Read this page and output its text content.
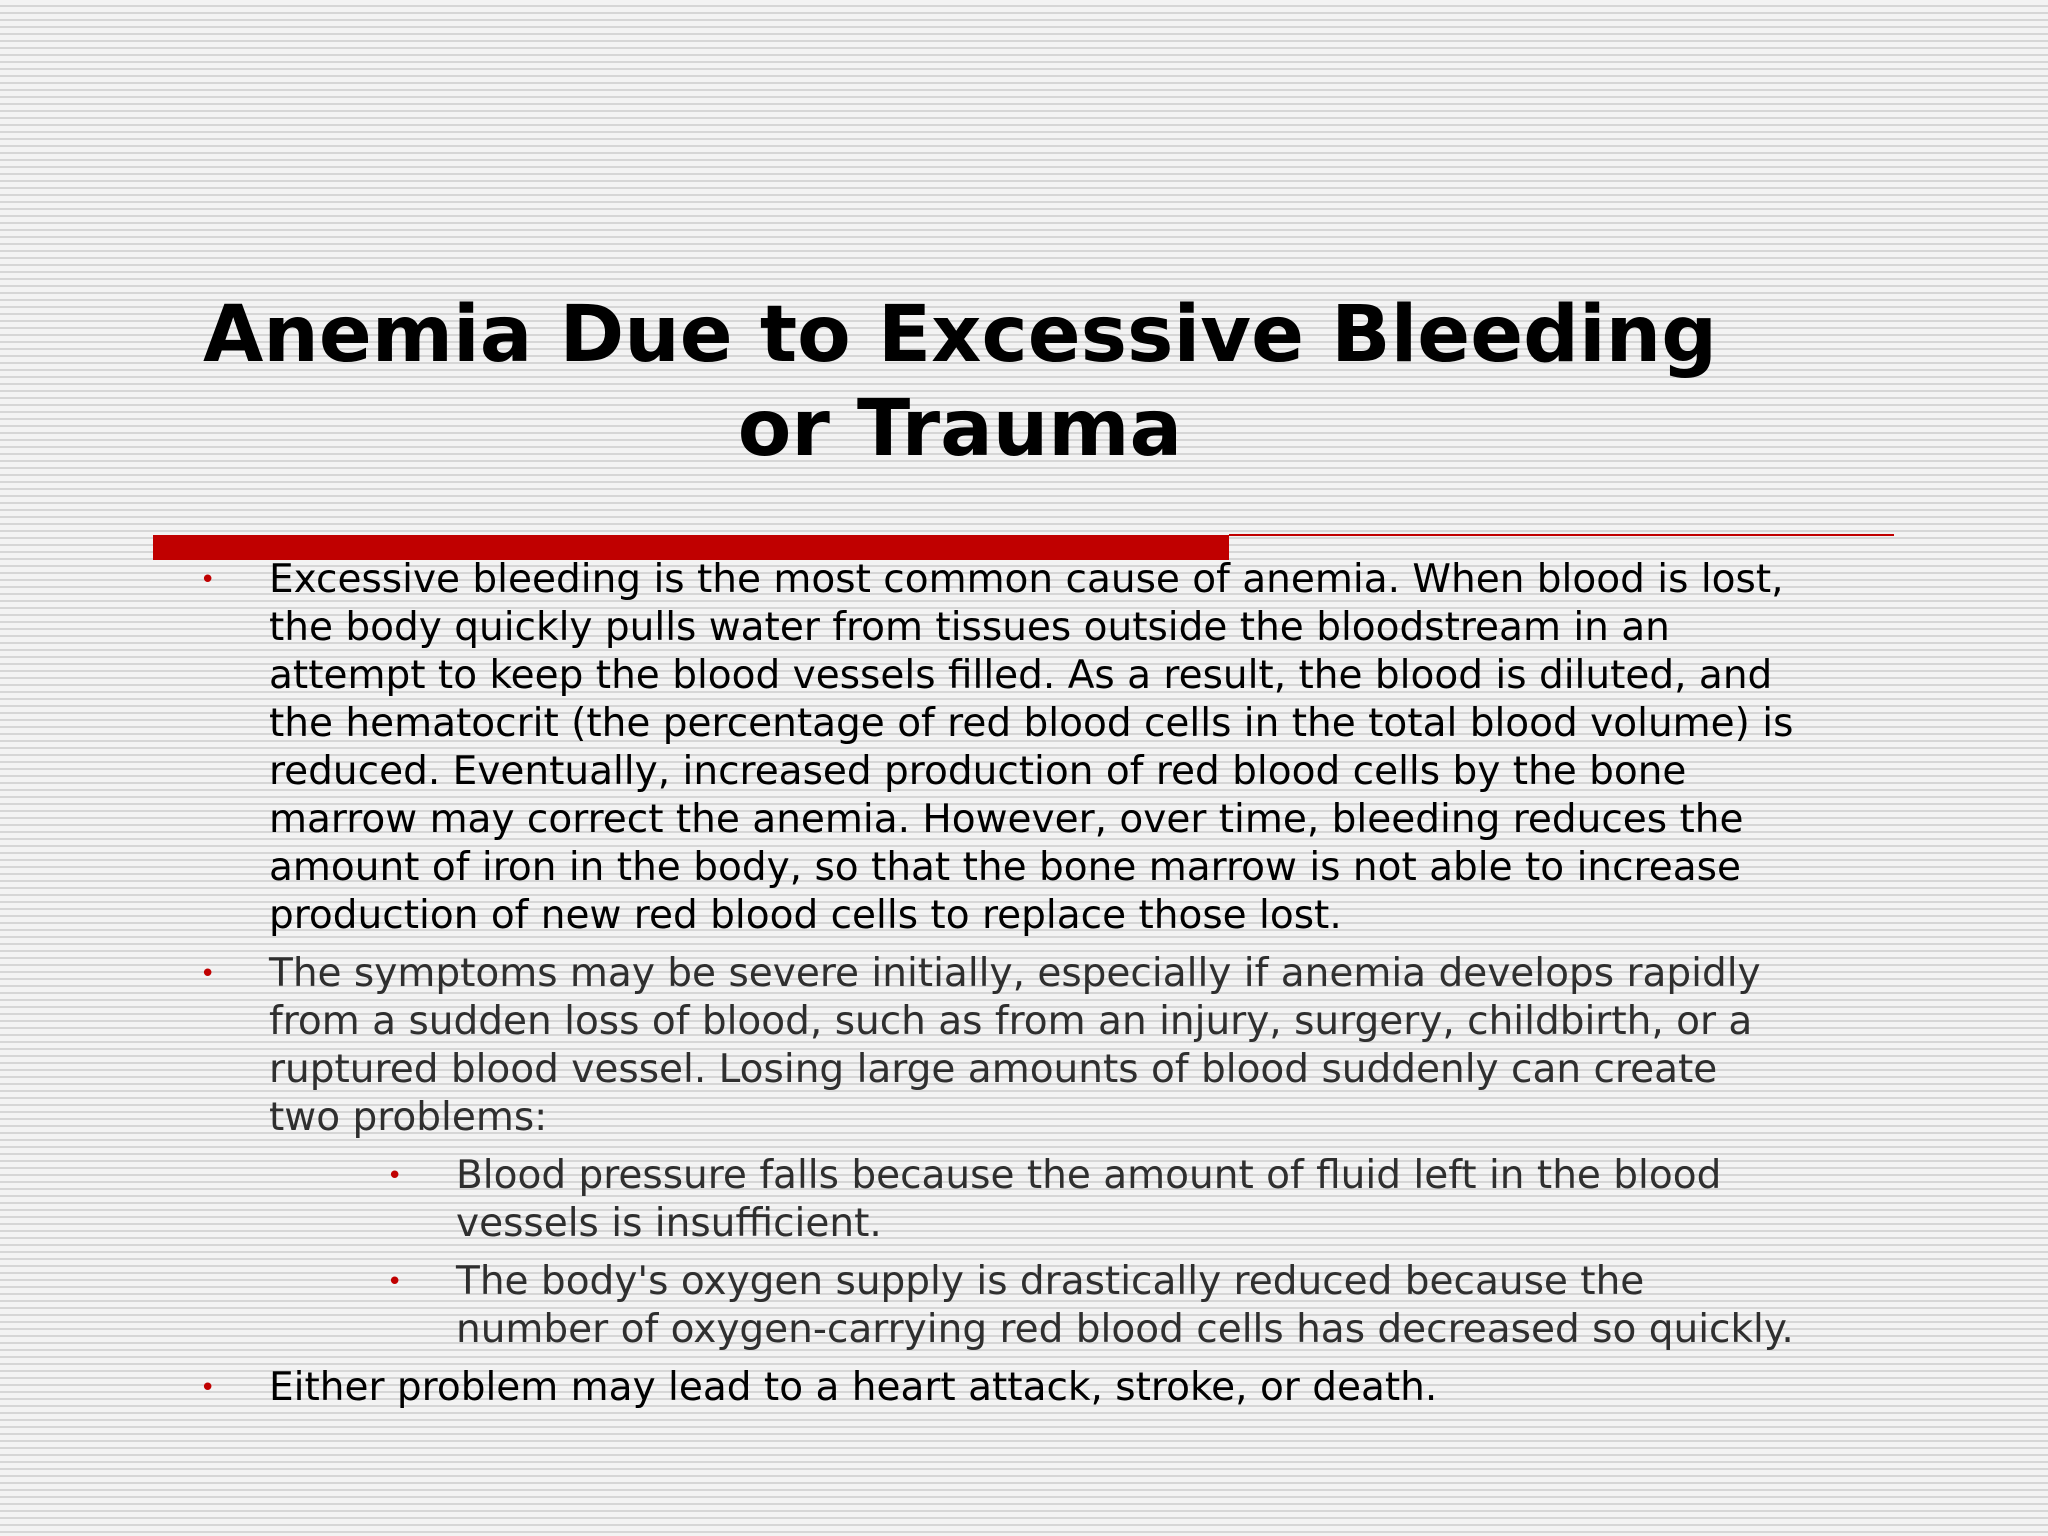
Anemia Due to Excessive Bleeding
or Trauma
•	Excessive bleeding is the most common cause of anemia. When blood is lost,
the body quickly pulls water from tissues outside the bloodstream in an
attempt to keep the blood vessels filled. As a result, the blood is diluted, and
the hematocrit (the percentage of red blood cells in the total blood volume) is
reduced. Eventually, increased production of red blood cells by the bone
marrow may correct the anemia. However, over time, bleeding reduces the
amount of iron in the body, so that the bone marrow is not able to increase
production of new red blood cells to replace those lost.
•	The symptoms may be severe initially, especially if anemia develops rapidly
from a sudden loss of blood, such as from an injury, surgery, childbirth, or a
ruptured blood vessel. Losing large amounts of blood suddenly can create
two problems:
•	Blood pressure falls because the amount of fluid left in the blood
vessels is insufficient.
•	The body's oxygen supply is drastically reduced because the
number of oxygen-carrying red blood cells has decreased so quickly.
•	Either problem may lead to a heart attack, stroke, or death.
